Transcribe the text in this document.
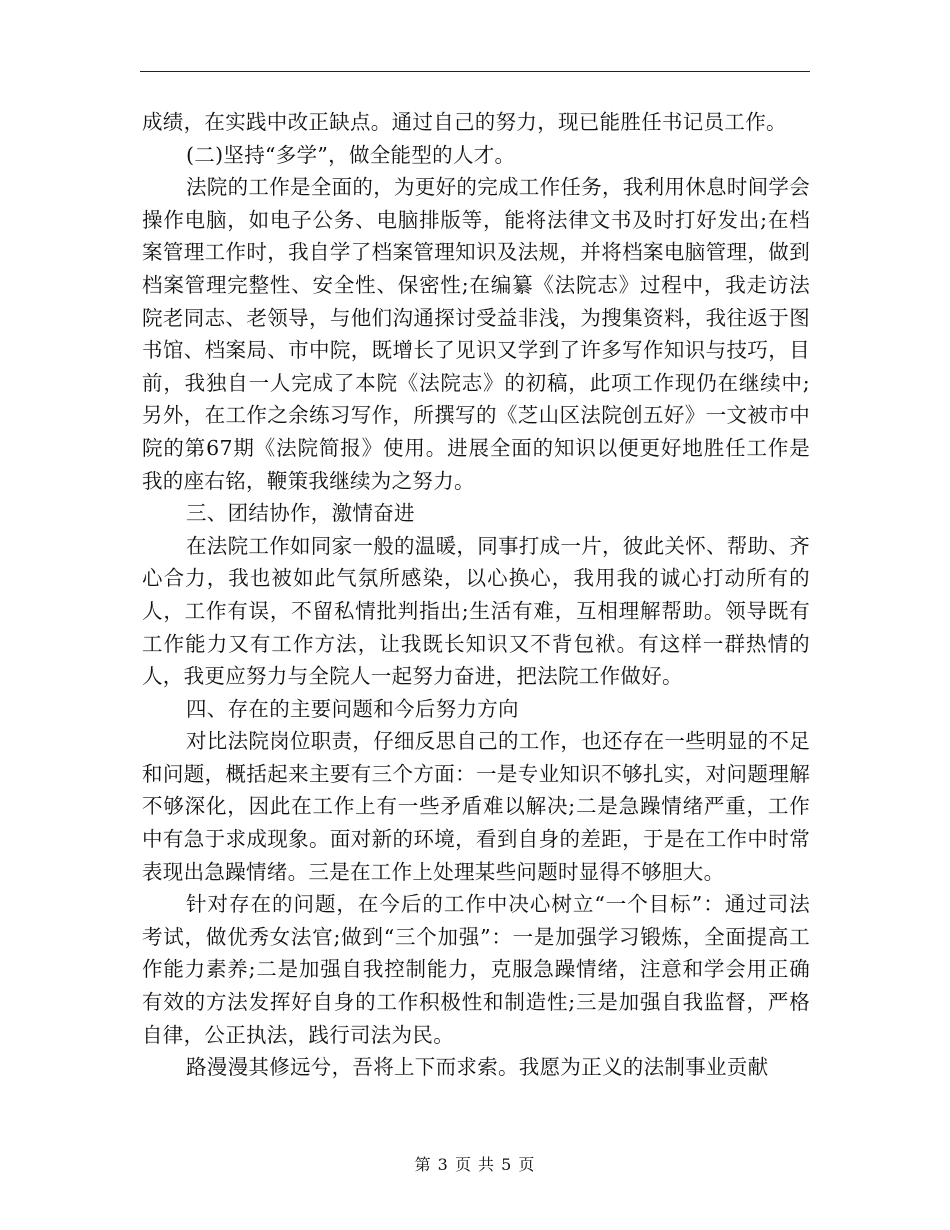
成绩，在实践中改正缺点。通过自己的努力，现已能胜任书记员工作。

(二)坚持“多学”，做全能型的人才。

法院的工作是全面的，为更好的完成工作任务，我利用休息时间学会操作电脑，如电子公务、电脑排版等，能将法律文书及时打好发出;在档案管理工作时，我自学了档案管理知识及法规，并将档案电脑管理，做到档案管理完整性、安全性、保密性;在编纂《法院志》过程中，我走访法院老同志、老领导，与他们沟通探讨受益非浅，为搜集资料，我往返于图书馆、档案局、市中院，既增长了见识又学到了许多写作知识与技巧，目前，我独自一人完成了本院《法院志》的初稿，此项工作现仍在继续中;另外，在工作之余练习写作，所撰写的《芝山区法院创五好》一文被市中院的第67期《法院简报》使用。进展全面的知识以便更好地胜任工作是我的座右铭，鞭策我继续为之努力。

三、团结协作，激情奋进

在法院工作如同家一般的温暖，同事打成一片，彼此关怀、帮助、齐心合力，我也被如此气氛所感染，以心换心，我用我的诚心打动所有的人，工作有误，不留私情批判指出;生活有难，互相理解帮助。领导既有工作能力又有工作方法，让我既长知识又不背包袱。有这样一群热情的人，我更应努力与全院人一起努力奋进，把法院工作做好。

四、存在的主要问题和今后努力方向

对比法院岗位职责，仔细反思自己的工作，也还存在一些明显的不足和问题，概括起来主要有三个方面：一是专业知识不够扎实，对问题理解不够深化，因此在工作上有一些矛盾难以解决;二是急躁情绪严重，工作中有急于求成现象。面对新的环境，看到自身的差距，于是在工作中时常表现出急躁情绪。三是在工作上处理某些问题时显得不够胆大。

针对存在的问题，在今后的工作中决心树立“一个目标”：通过司法考试，做优秀女法官;做到“三个加强”：一是加强学习锻炼，全面提高工作能力素养;二是加强自我控制能力，克服急躁情绪，注意和学会用正确有效的方法发挥好自身的工作积极性和制造性;三是加强自我监督，严格自律，公正执法，践行司法为民。

路漫漫其修远兮，吾将上下而求索。我愿为正义的法制事业贡献

第 3 页 共 5 页
